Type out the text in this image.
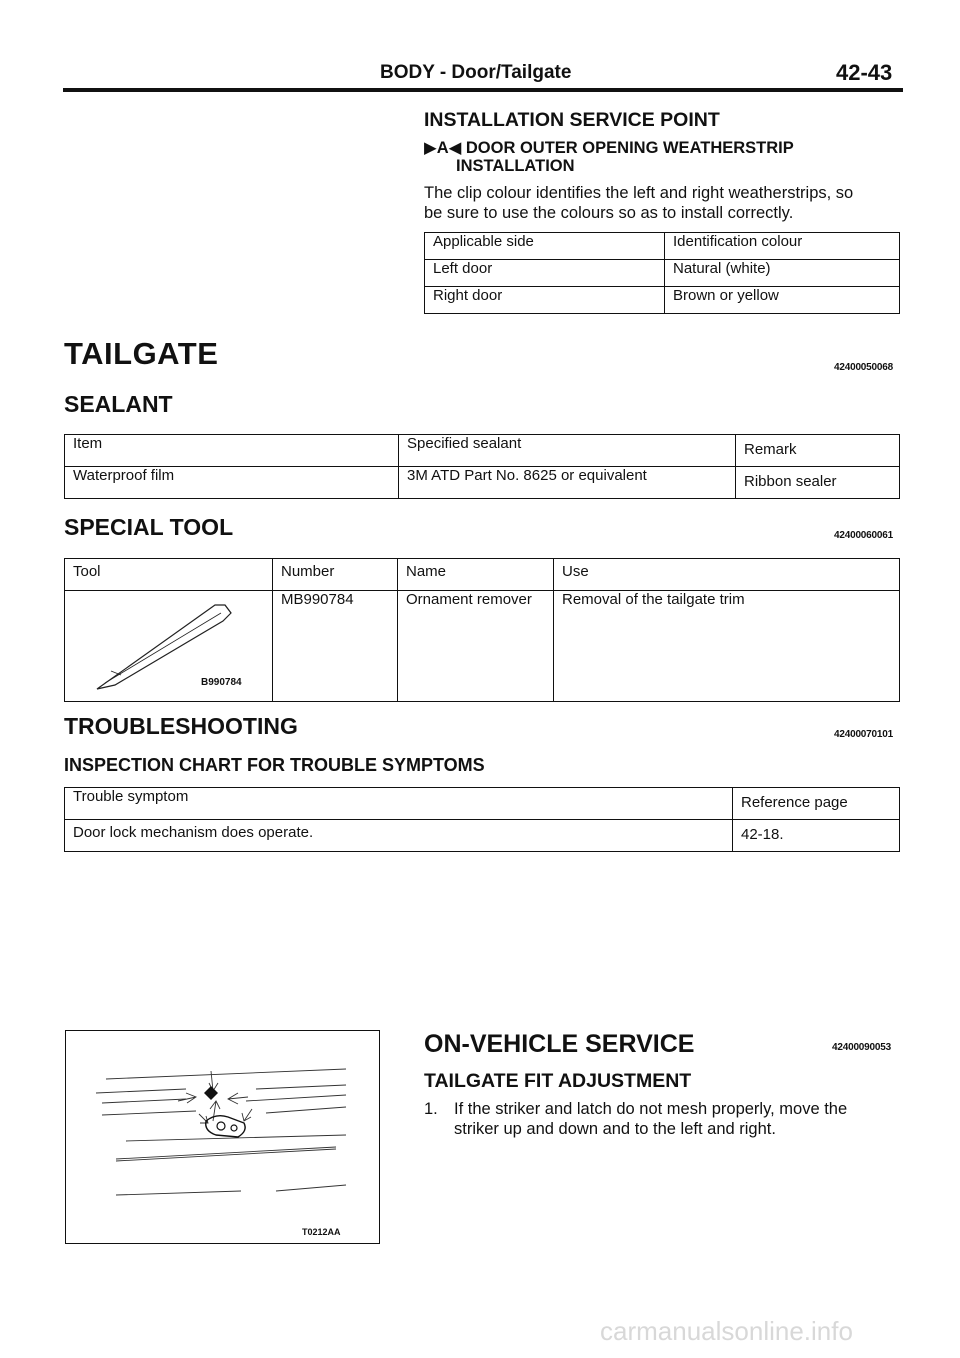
BODY - Door/Tailgate	42-43
INSTALLATION SERVICE POINT
▶A◀ DOOR OUTER OPENING WEATHERSTRIP
INSTALLATION
The clip colour identifies the left and right weatherstrips, so
be sure to use the colours so as to install correctly.
Applicable side	Identification colour
Left door	Natural (white)
Right door	Brown or yellow
TAILGATE	42400050068
SEALANT
Item	Specified sealant	Remark
Waterproof film	3M ATD Part No. 8625 or equivalent	Ribbon sealer
SPECIAL TOOL	42400060061
Tool	Number	Name	Use

B990784	MB990784	Ornament remover	Removal of the tailgate trim
TROUBLESHOOTING	42400070101
INSPECTION CHART FOR TROUBLE SYMPTOMS
Trouble symptom	Reference page
Door lock mechanism does operate.	42-18.
T0212AA
ON-VEHICLE SERVICE	42400090053
TAILGATE FIT ADJUSTMENT
1. If the striker and latch do not mesh properly, move the
striker up and down and to the left and right.
carmanualsonline.info
